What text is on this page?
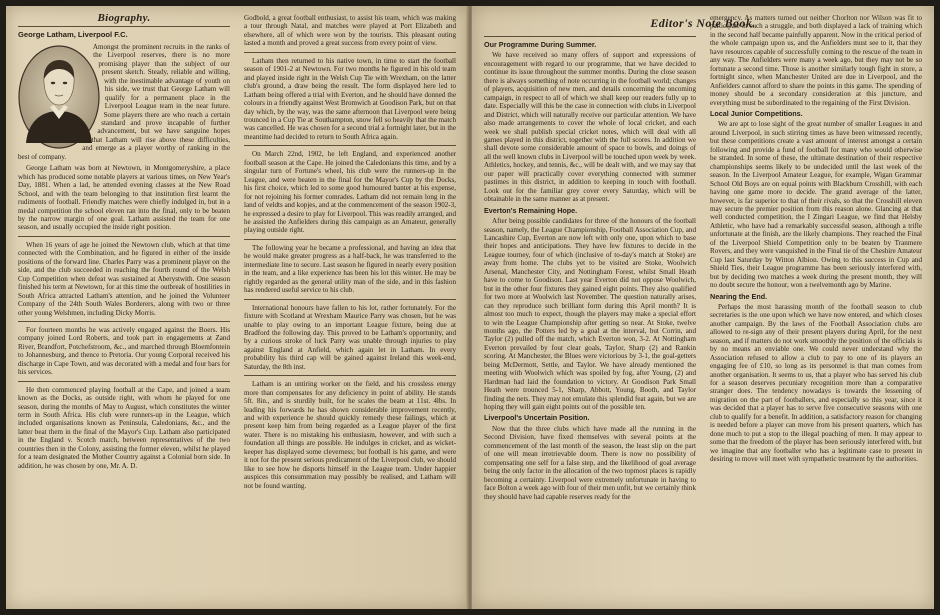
Biography.
George Latham, Liverpool F.C.

Amongst the prominent recruits in the ranks of the Liverpool reserves, there is no more promising player than the subject of our present sketch. Steady, reliable and willing, with the inestimable advantage of youth on his side, we trust that George Latham will qualify for a permanent place in the Liverpool League team in the near future. Some players there are who reach a certain standard and prove incapable of further advancement, but we have sanguine hopes that Latham will rise above these difficulties, and emerge as a player worthy of ranking in the best of company.

George Latham was born at Newtown, in Montgomeryshire, a place which has produced some notable players at various times, on New Year's Day, 1881. When a lad, he attended evening classes at the New Road School, and with the team belonging to that institution first learnt the rudiments of football. Friendly matches were chiefly indulged in, but in a medal competition the school eleven ran into the final, only to be beaten by the narrow margin of one goal. Latham assisted the team for one season, and usually occupied the inside right position.

When 16 years of age he joined the Newtown club, which at that time connected with the Combination, and he figured in either of the inside positions of the forward line. Charles Parry was a prominent player on the side, and the club succeeded in reaching the fourth round of the Welsh Cup Competition when defeat was sustained at Aberystwith. One season finished his term at Newtown, for at this time the outbreak of hostilities in South Africa attracted Latham's attention, and he joined the Volunteer Company of the 24th South Wales Borderers, along with two or three other young Welshmen, including Dicky Morris.

For fourteen months he was actively engaged against the Boers. His company joined Lord Roberts, and took part in engagements at Zand River, Brandfort, Potchefstroom, &c., and marched through Bloemfontein to Johannesburg, and thence to Pretoria. Our young Corporal received his discharge in Cape Town, and was decorated with a medal and four bars for his services.

He then commenced playing football at the Cape, and joined a team known as the Docks, as outside right, with whom he played for one season, during the months of May to August, which constitutes the winter term in South Africa. His club were runners-up in the League, which included organisations known as Peninsula, Caledonians, &c., and the latter beat them in the final of the Mayor's Cup. Latham also participated in the England v. Scotch match, between representatives of the two countries then in the Colony, assisting the former eleven, whilst he played for a team designated the Mother Country against a Colonial born side. In addition, he was chosen by one, Mr. A. D.

Godbold, a great football enthusiast, to assist his team, which was making a tour through Natal, and matches were played at Port Elizabeth and elsewhere, all of which were won by the tourists. This pleasant outing lasted a month and proved a great success from every point of view.

Latham then returned to his native town, in time to start the football season of 1901-2 at Newtown. For two months he figured in his old team and played inside right in the Welsh Cup Tie with Wrexham, on the latter club's ground, a draw being the result. The form displayed here led to Latham being offered a trial with Everton, and he should have donned the colours in a friendly against West Bromwich at Goodison Park, but on that day which, by the way, was the same afternoon that Liverpool were being trounced in a Cup Tie at Southampton, snow fell so heavily that the match was cancelled. He was chosen for a second trial a fortnight later, but in the meantime had decided to return to South Africa again.

On March 22nd, 1902, he left England, and experienced another football season at the Cape. He joined the Caledonians this time, and by a singular turn of Fortune's wheel, his club were the runners-up in the League, and were beaten in the final for the Mayor's Cup by the Docks, his first choice, which led to some good humoured banter at his expense, for not rejoining his former comrades. Latham did not remain long in the land of veldts and kopjes, and at the commencement of the season 1902-3, he expressed a desire to play for Liverpool. This was readily arranged, and he assisted the Anfielders during this campaign as an Amateur, generally playing outside right.

The following year he became a professional, and having an idea that he would make greater progress as a half-back, he was transferred to the intermediate line to secure. Last season he figured in nearly every position in the team, and a like experience has been his lot this winter. He may be rightly regarded as the general utility man of the side, and in this fashion has rendered useful service to his club.

International honours have fallen to his lot, rather fortunately. For the fixture with Scotland at Wrexham Maurice Parry was chosen, but he was unable to play owing to an important League fixture, being due at Bradford the following day. This proved to be Latham's opportunity, and by a curious stroke of luck Parry was unable through injuries to play against England at Anfield, which again let in Latham. In every probability his third cap will be gained against Ireland this week-end, Saturday, the 8th inst.

Latham is an untiring worker on the field, and his crossless energy more than compensates for any deficiency in point of ability. He stands 5ft. 8in., and is sturdily built, for he scales the beam at 11st. 4lbs. In leading his forwards he has shown considerable improvement recently, and with experience he should quickly remedy these failings, which at present keep him from being regarded as a League player of the first water. There is no mistaking his enthusiasm, however, and with such a foundation all things are possible. He indulges in cricket, and as wicket-keeper has displayed some cleverness; but football is his game, and were it not for the present serious predicament of the Liverpool club, we should like to see how he disports himself in the League team. Under happier auspices this consummation may possibly be realised, and Latham will not be found wanting.

Editor's Note Book.
Our Programme During Summer.

We have received so many offers of support and expressions of encouragement with regard to our programme, that we have decided to continue its issue throughout the summer months. During the close season there is always something of note occurring in the football world; changes of players, acquisition of new men, and details concerning the oncoming campaign, in respect to all of which we shall keep our readers fully up to date. Especially will this be the case in connection with clubs in Liverpool and District, which will naturally receive our particular attention. We have also made arrangements to cover the whole of local cricket, and each week we shall publish special cricket notes, which will deal with all games played in this district, together with the full scores. In addition we shall devote some considerable amount of space to bowls, and doings of all the well known clubs in Liverpool will be touched upon week by week. Athletics, hockey, and tennis, &c., will be dealt with, and we may say that our paper will practically cover everything connected with summer pastimes in this district, in addition to keeping in touch with football. Look out for the familiar grey cover every Saturday, which will be obtainable in the same manner as at present.

Everton's Remaining Hope.

After being possible candidates for three of the honours of the football season, namely, the League Championship, Football Association Cup, and Lancashire Cup, Everton are now left with only one, upon which to base their hopes and anticipations. They have few fixtures to decide in the League tourney, four of which (inclusive of to-day's match at Stoke) are away from home. The clubs yet to be visited are Stoke, Woolwich Arsenal, Manchester City, and Nottingham Forest, whilst Small Heath have to come to Goodison. Last year Everton did not oppose Woolwich, but in the other four fixtures they gained eight points. They also qualified for two more at Woolwich last November. The question naturally arises, can they reproduce such brilliant form during this April month? It is almost too much to expect, though the players may make a special effort to win the League Championship after getting so near. At Stoke, twelve months ago, the Potters led by a goal at the interval, but Corrin, and Taylor (2) pulled off the match, which Everton won, 3-2. At Nottingham Everton prevailed by four clear goals, Taylor, Sharp (2) and Rankin scoring. At Manchester, the Blues were victorious by 3-1, the goal-getters being McDermott, Settle, and Taylor. We have already mentioned the meeting with Woolwich which was spoiled by fog, after Young, (2) and Hardman had laid the foundation to victory. At Goodison Park Small Heath were trounced 5-1, Sharp, Abbott, Young, Booth, and Taylor finding the nets. They may not emulate this splendid feat again, but we are hoping they will gain eight points out of the possible ten.

Liverpool's Uncertain Position.

Now that the three clubs which have made all the running in the Second Division, have fixed themselves with several points at the commencement of the last month of the season, the least slip on the part of one will mean irretrievable doom. There is now no possibility of compensating one self for a false step, and the likelihood of goal average being the only factor in the allocation of the two topmost places is rapidly becoming a certainty. Liverpool were extremely unfortunate in having to face Bolton a week ago with four of their men unfit, but we certainly think they should have had capable reserves ready for the

emergency. As matters turned out neither Chorlton nor Wilson was fit to participate in such a struggle, and both displayed a lack of training which in the second half became painfully apparent. Now in the critical period of the whole campaign upon us, and the Anfielders must see to it, that they have resources capable of successfully coming to the rescue of the team in any way. The Anfielders were many a week ago, but they may not be so fortunate a second time. Those is another similarly tough fight in store, a fortnight since, when Manchester United are due in Liverpool, and the Anfielders cannot afford to share the points in this game. The spending of money should be a secondary consideration at this juncture, and everything must be subordinated to the regaining of the First Division.

Local Junior Competitions.

We are apt to lose sight of the great number of smaller Leagues in and around Liverpool, in such stirring times as have been witnessed recently, but these competitions create a vast amount of interest amongst a certain following and provide a fund of football for many who would otherwise be stranded. In some of these, the ultimate destination of their respective championships seems likely to be undecided until the last week of the season. In the Liverpool Amateur League, for example, Wigan Grammar School Old Boys are on equal points with Blackburn Crosshill, with each having one game more to decide. The grand average of the latter, however, is far superior to that of their rivals, so that the Crosshill eleven may secure the premier position from this reason alone. Glancing at that well conducted competition, the I Zingari League, we find that Helsby Athletic, who have had a remarkably successful season, although a trifle unfortunate at the finish, are the likely champions. They reached the Final of the Liverpool Shield Competition only to be beaten by Tranmere Rovers, and they were vanquished in the Final tie of the Cheshire Amateur Cup last Saturday by Witton Albion. Owing to this success in Cup and Shield Ties, their League programme has been seriously interfered with, but by deciding two matches a week during the present month, they will no doubt secure the honour, won a twelvemonth ago by Marine.

Nearing the End.

Perhaps the most harassing month of the football season to club secretaries is the one upon which we have now entered, and which closes another campaign. By the laws of the Football Association clubs are allowed to re-sign any of their present players during April, for the next season, and if matters do not work smoothly the position of the officials is by no means an enviable one. We could never understand why the Association refused to allow a club to pay to one of its players an engaging fee of £10, so long as its personnel is that man comes from another organisation. It seems to us, that a player who has served his club for a season deserves pecuniary recognition more than a comparative stranger does. The tendency nowadays is towards the lessening of migration on the part of footballers, and especially so this year, since it was decided that a player has to serve five consecutive seasons with one club to qualify for a benefit. In addition, a satisfactory reason for changing is needed before a player can move from his present quarters, which has done much to put a stop to the illegal poaching of men. It may appear to some that the freedom of the player has been seriously interfered with, but we imagine that any footballer who has a legitimate case to present in desiring to move will meet with sympathetic treatment by the authorities.
